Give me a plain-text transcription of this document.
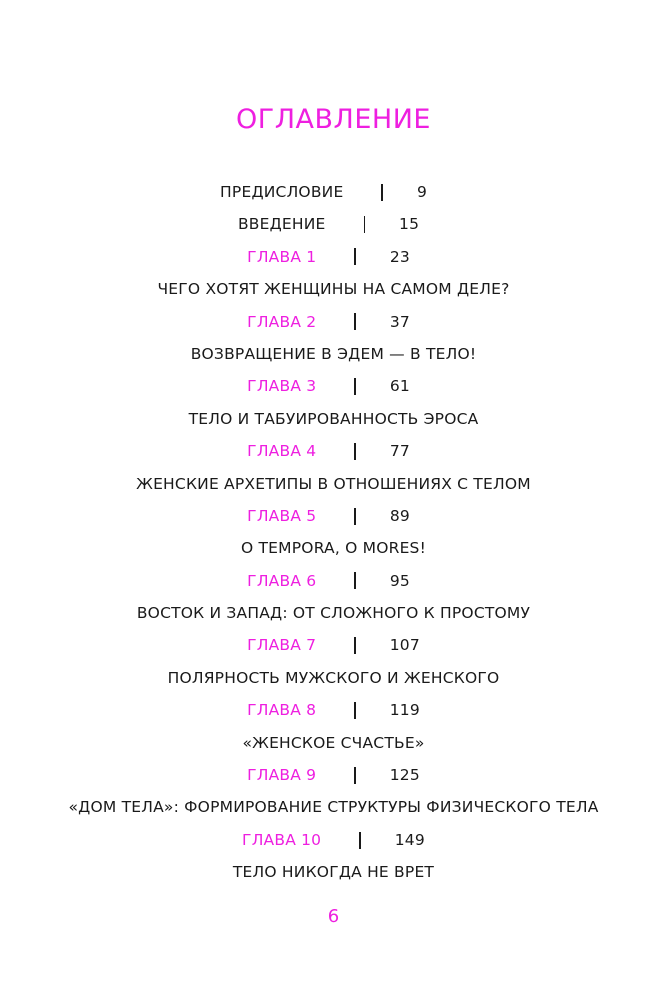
ОГЛАВЛЕНИЕ
ПРЕДИСЛОВИЕ	9
ВВЕДЕНИЕ	15
ГЛАВА 1	23
ЧЕГО ХОТЯТ ЖЕНЩИНЫ НА САМОМ ДЕЛЕ?
ГЛАВА 2	37
ВОЗВРАЩЕНИЕ В ЭДЕМ — В ТЕЛО!
ГЛАВА 3	61
ТЕЛО И ТАБУИРОВАННОСТЬ ЭРОСА
ГЛАВА 4	77
ЖЕНСКИЕ АРХЕТИПЫ В ОТНОШЕНИЯХ С ТЕЛОМ
ГЛАВА 5	89
O TEMPORA, O MORES!
ГЛАВА 6	95
ВОСТОК И ЗАПАД: ОТ СЛОЖНОГО К ПРОСТОМУ
ГЛАВА 7	107
ПОЛЯРНОСТЬ МУЖСКОГО И ЖЕНСКОГО
ГЛАВА 8	119
«ЖЕНСКОЕ СЧАСТЬЕ»
ГЛАВА 9	125
«ДОМ ТЕЛА»: ФОРМИРОВАНИЕ СТРУКТУРЫ ФИЗИЧЕСКОГО ТЕЛА
ГЛАВА 10	149
ТЕЛО НИКОГДА НЕ ВРЕТ
6
